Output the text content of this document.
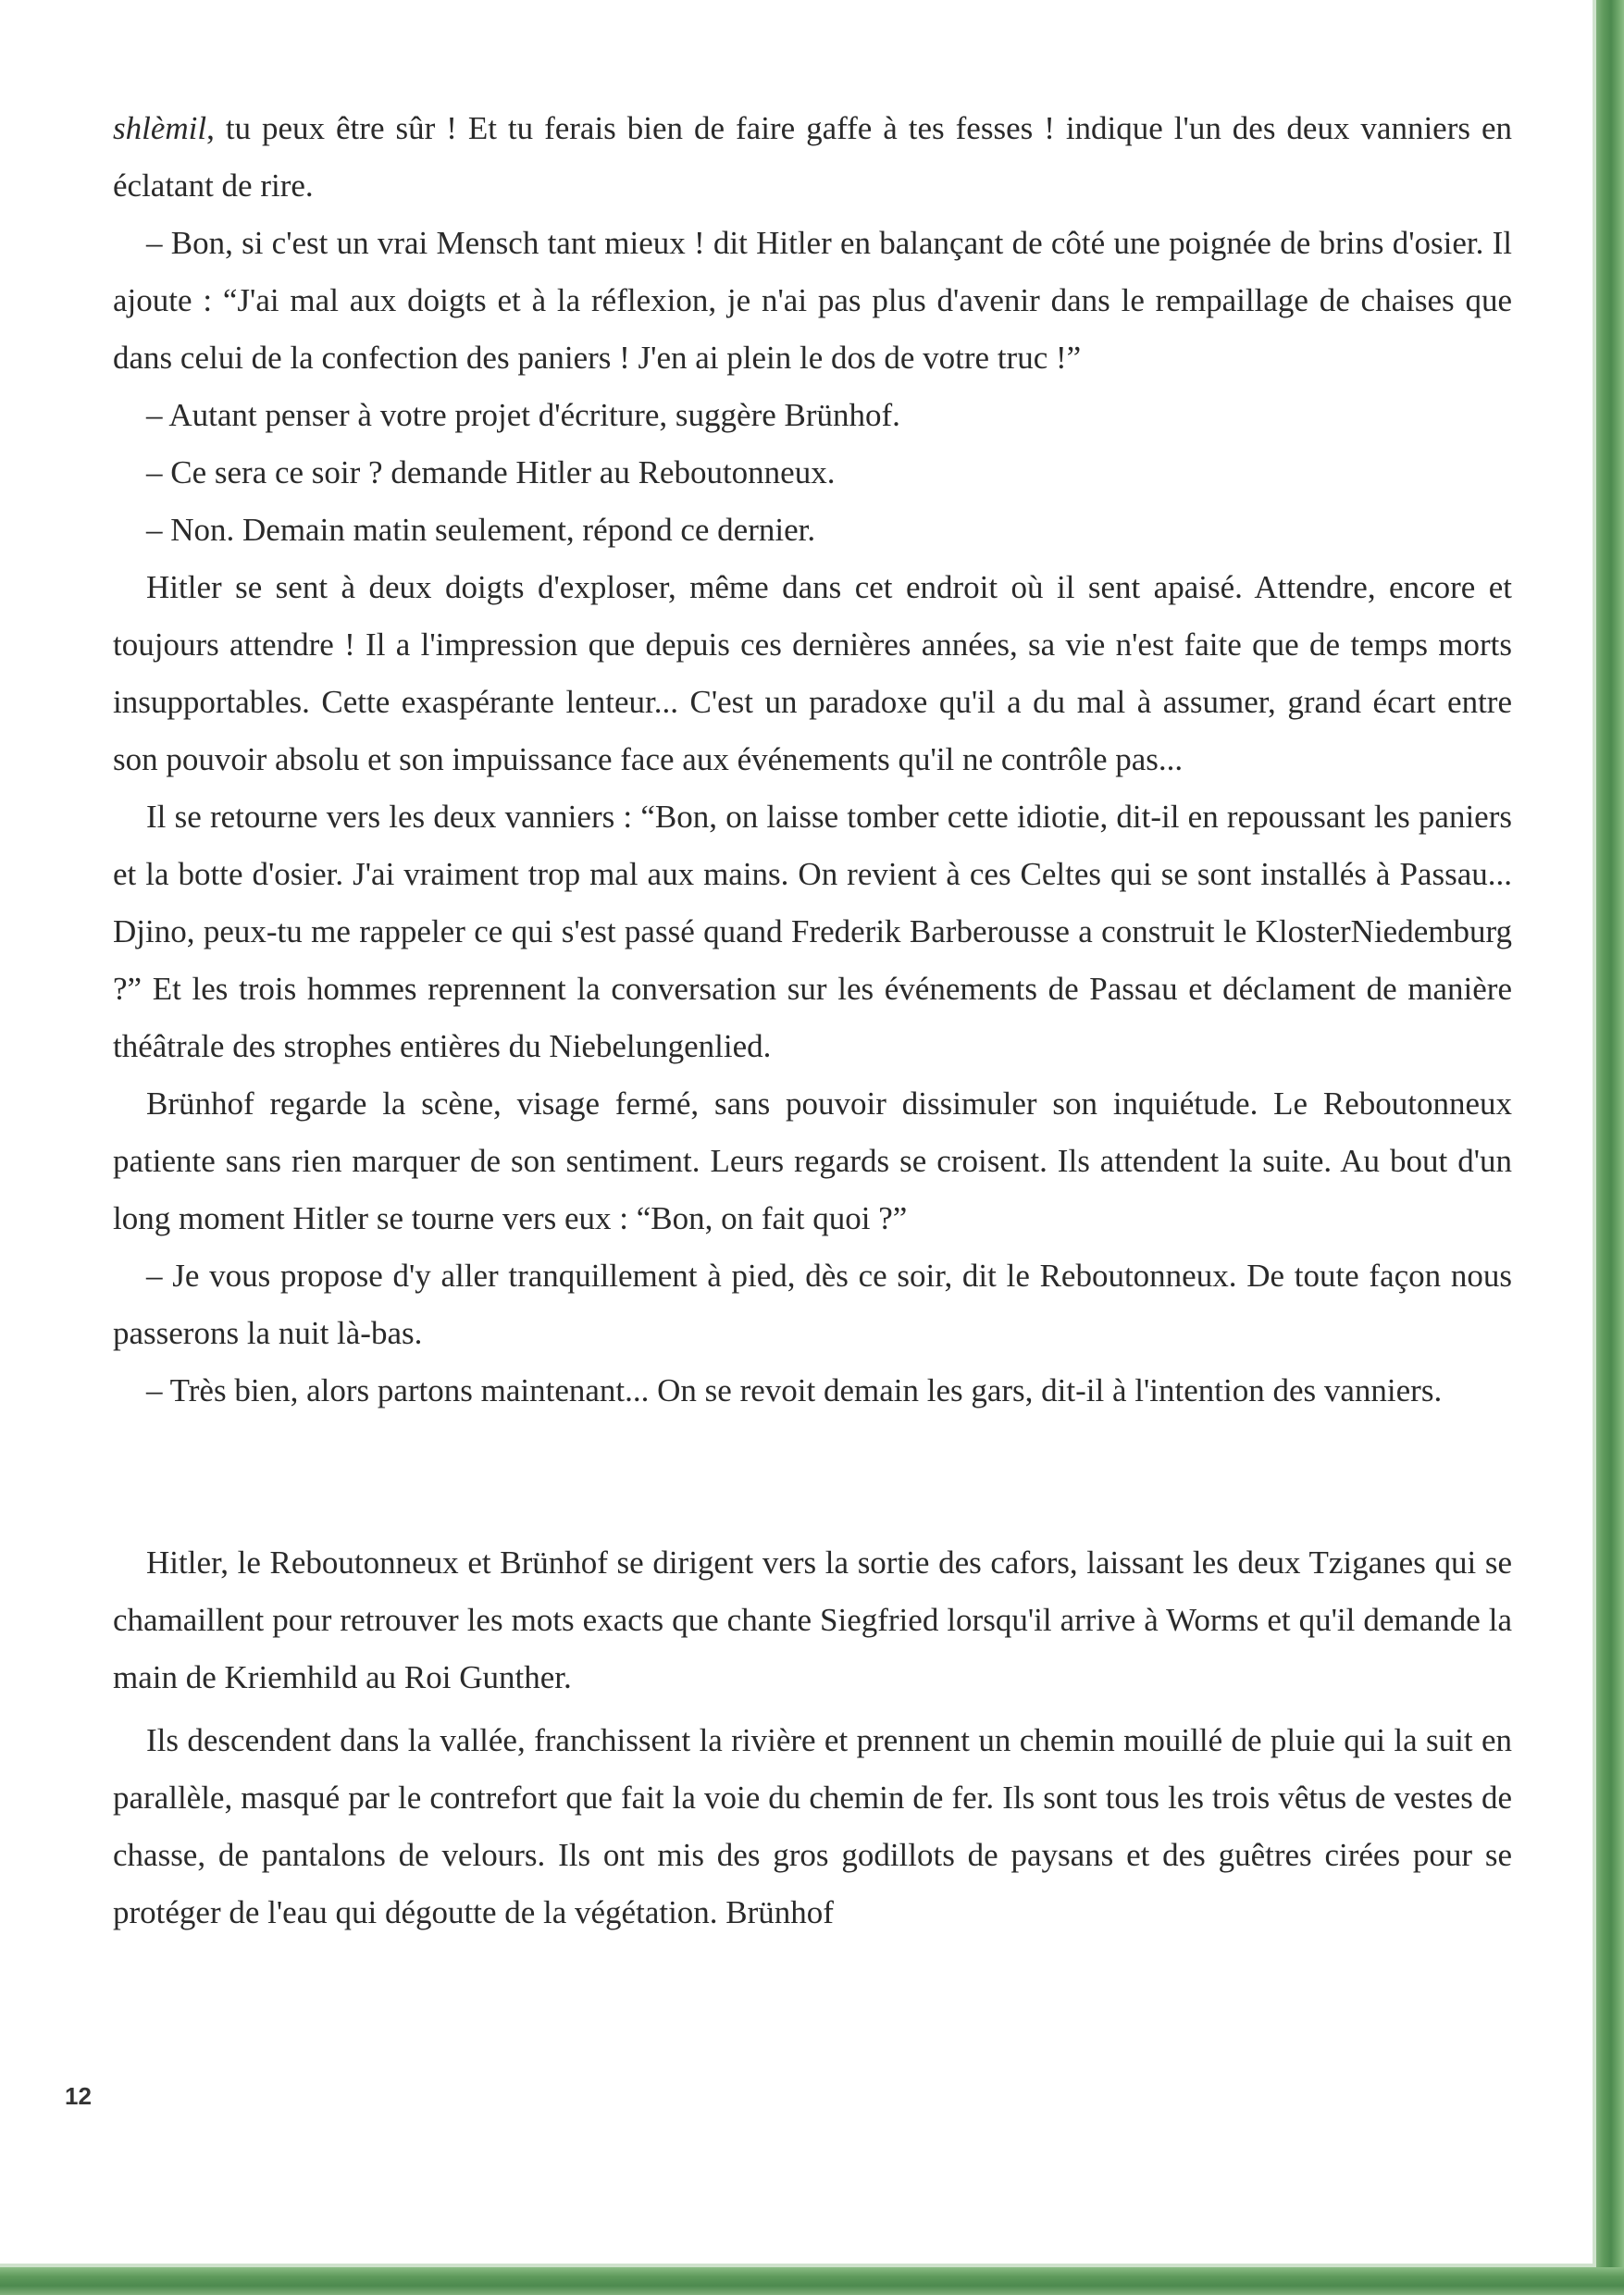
shlèmil, tu peux être sûr ! Et tu ferais bien de faire gaffe à tes fesses ! indique l'un des deux vanniers en éclatant de rire.

– Bon, si c'est un vrai Mensch tant mieux ! dit Hitler en balançant de côté une poignée de brins d'osier. Il ajoute : “J'ai mal aux doigts et à la réflexion, je n'ai pas plus d'avenir dans le rempaillage de chaises que dans celui de la confection des paniers ! J'en ai plein le dos de votre truc !”

– Autant penser à votre projet d'écriture, suggère Brünhof.

– Ce sera ce soir ? demande Hitler au Reboutonneux.

– Non. Demain matin seulement, répond ce dernier.

Hitler se sent à deux doigts d'exploser, même dans cet endroit où il sent apaisé. Attendre, encore et toujours attendre ! Il a l'impression que depuis ces dernières années, sa vie n'est faite que de temps morts insupportables. Cette exaspérante lenteur... C'est un paradoxe qu'il a du mal à assumer, grand écart entre son pouvoir absolu et son impuissance face aux événements qu'il ne contrôle pas...

Il se retourne vers les deux vanniers : “Bon, on laisse tomber cette idiotie, dit-il en repoussant les paniers et la botte d'osier. J'ai vraiment trop mal aux mains. On revient à ces Celtes qui se sont installés à Passau... Djino, peux-tu me rappeler ce qui s'est passé quand Frederik Barberousse a construit le KlosterNiedemburg ?” Et les trois hommes reprennent la conversation sur les événements de Passau et déclament de manière théâtrale des strophes entières du Niebelungenlied.

Brünhof regarde la scène, visage fermé, sans pouvoir dissimuler son inquiétude. Le Reboutonneux patiente sans rien marquer de son sentiment. Leurs regards se croisent. Ils attendent la suite. Au bout d'un long moment Hitler se tourne vers eux : “Bon, on fait quoi ?”

– Je vous propose d'y aller tranquillement à pied, dès ce soir, dit le Reboutonneux. De toute façon nous passerons la nuit là-bas.

– Très bien, alors partons maintenant... On se revoit demain les gars, dit-il à l'intention des vanniers.

Hitler, le Reboutonneux et Brünhof se dirigent vers la sortie des cafors, laissant les deux Tziganes qui se chamaillent pour retrouver les mots exacts que chante Siegfried lorsqu'il arrive à Worms et qu'il demande la main de Kriemhild au Roi Gunther.

Ils descendent dans la vallée, franchissent la rivière et prennent un chemin mouillé de pluie qui la suit en parallèle, masqué par le contrefort que fait la voie du chemin de fer. Ils sont tous les trois vêtus de vestes de chasse, de pantalons de velours. Ils ont mis des gros godillots de paysans et des guêtres cirées pour se protéger de l'eau qui dégoutte de la végétation. Brünhof

12
